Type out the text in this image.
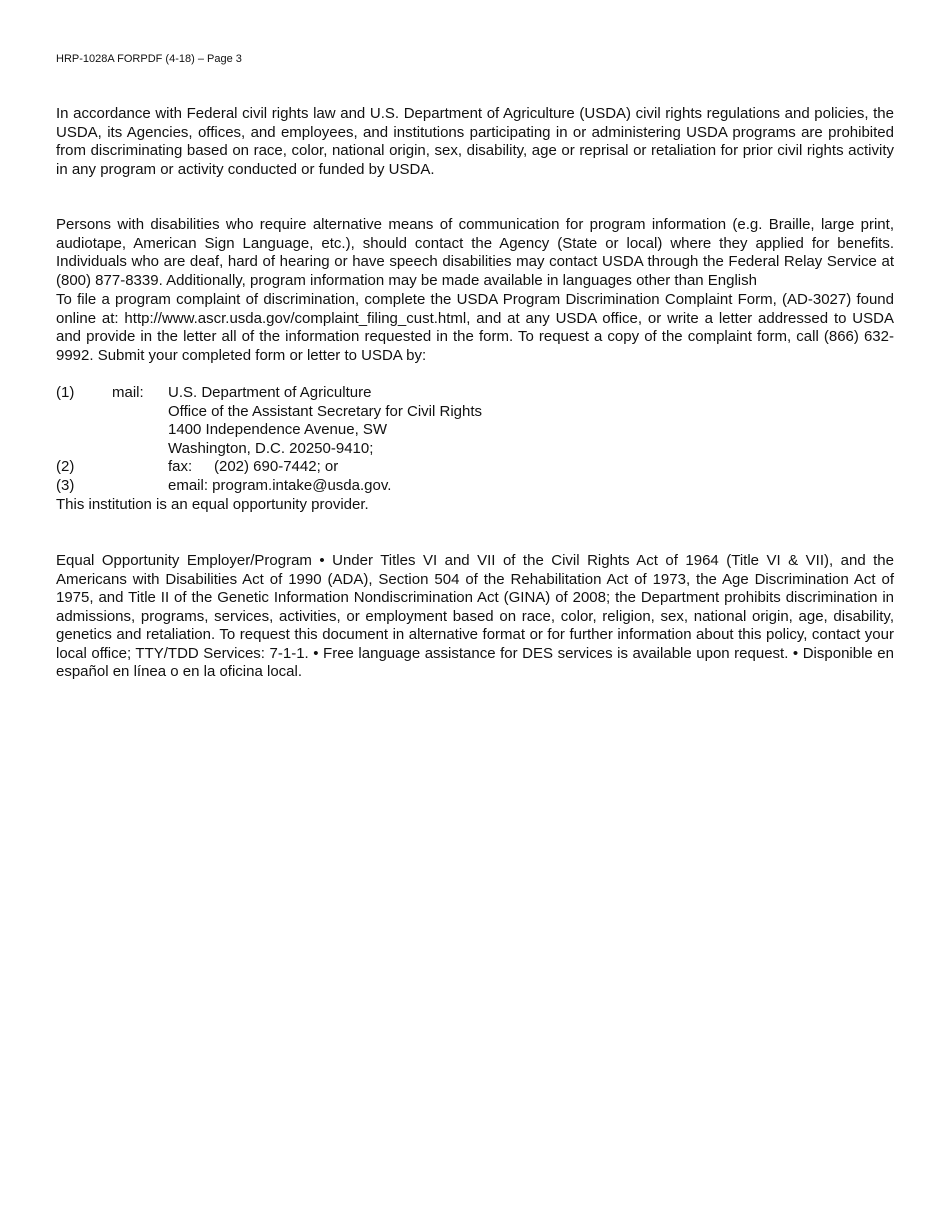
HRP-1028A FORPDF (4-18) – Page 3

In accordance with Federal civil rights law and U.S. Department of Agriculture (USDA) civil rights regulations and policies, the USDA, its Agencies, offices, and employees, and institutions participating in or administering USDA programs are prohibited from discriminating based on race, color, national origin, sex, disability, age or reprisal or retaliation for prior civil rights activity in any program or activity conducted or funded by USDA.

Persons with disabilities who require alternative means of communication for program information (e.g. Braille, large print, audiotape, American Sign Language, etc.), should contact the Agency (State or local) where they applied for benefits. Individuals who are deaf, hard of hearing or have speech disabilities may contact USDA through the Federal Relay Service at (800) 877-8339. Additionally, program information may be made available in languages other than English

To file a program complaint of discrimination, complete the USDA Program Discrimination Complaint Form, (AD-3027) found online at: http://www.ascr.usda.gov/complaint_filing_cust.html, and at any USDA office, or write a letter addressed to USDA and provide in the letter all of the information requested in the form. To request a copy of the complaint form, call (866) 632-9992. Submit your completed form or letter to USDA by:

(1)	mail: U.S. Department of Agriculture
Office of the Assistant Secretary for Civil Rights
1400 Independence Avenue, SW
Washington, D.C. 20250-9410;
(2)	fax: (202) 690-7442; or
(3)	email: program.intake@usda.gov.
This institution is an equal opportunity provider.

Equal Opportunity Employer/Program • Under Titles VI and VII of the Civil Rights Act of 1964 (Title VI & VII), and the Americans with Disabilities Act of 1990 (ADA), Section 504 of the Rehabilitation Act of 1973, the Age Discrimination Act of 1975, and Title II of the Genetic Information Nondiscrimination Act (GINA) of 2008; the Department prohibits discrimination in admissions, programs, services, activities, or employment based on race, color, religion, sex, national origin, age, disability, genetics and retaliation. To request this document in alternative format or for further information about this policy, contact your local office; TTY/TDD Services: 7-1-1. • Free language assistance for DES services is available upon request. • Disponible en español en línea o en la oficina local.
